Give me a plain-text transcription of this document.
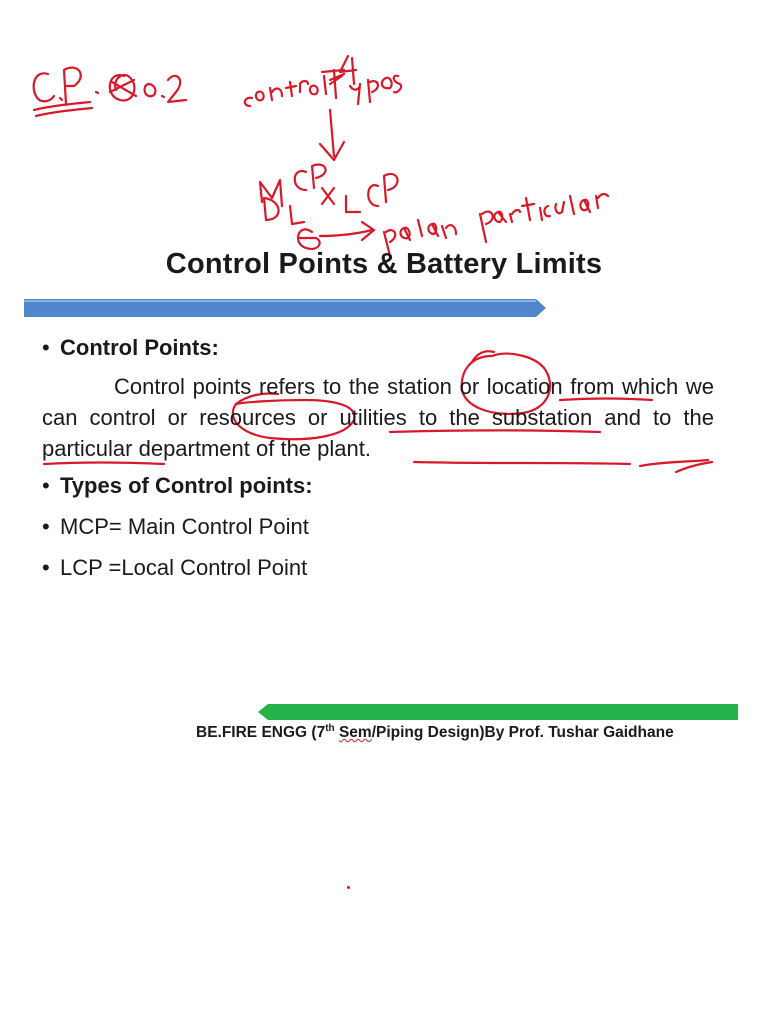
Control Points & Battery Limits

• Control Points:

Control points refers to the station or location from which we can control or resources or utilities to the substation and to the particular department of the plant.

• Types of Control points:

• MCP= Main Control Point

• LCP =Local Control Point

BE.FIRE ENGG (7th Sem/Piping Design)By Prof. Tushar Gaidhane
